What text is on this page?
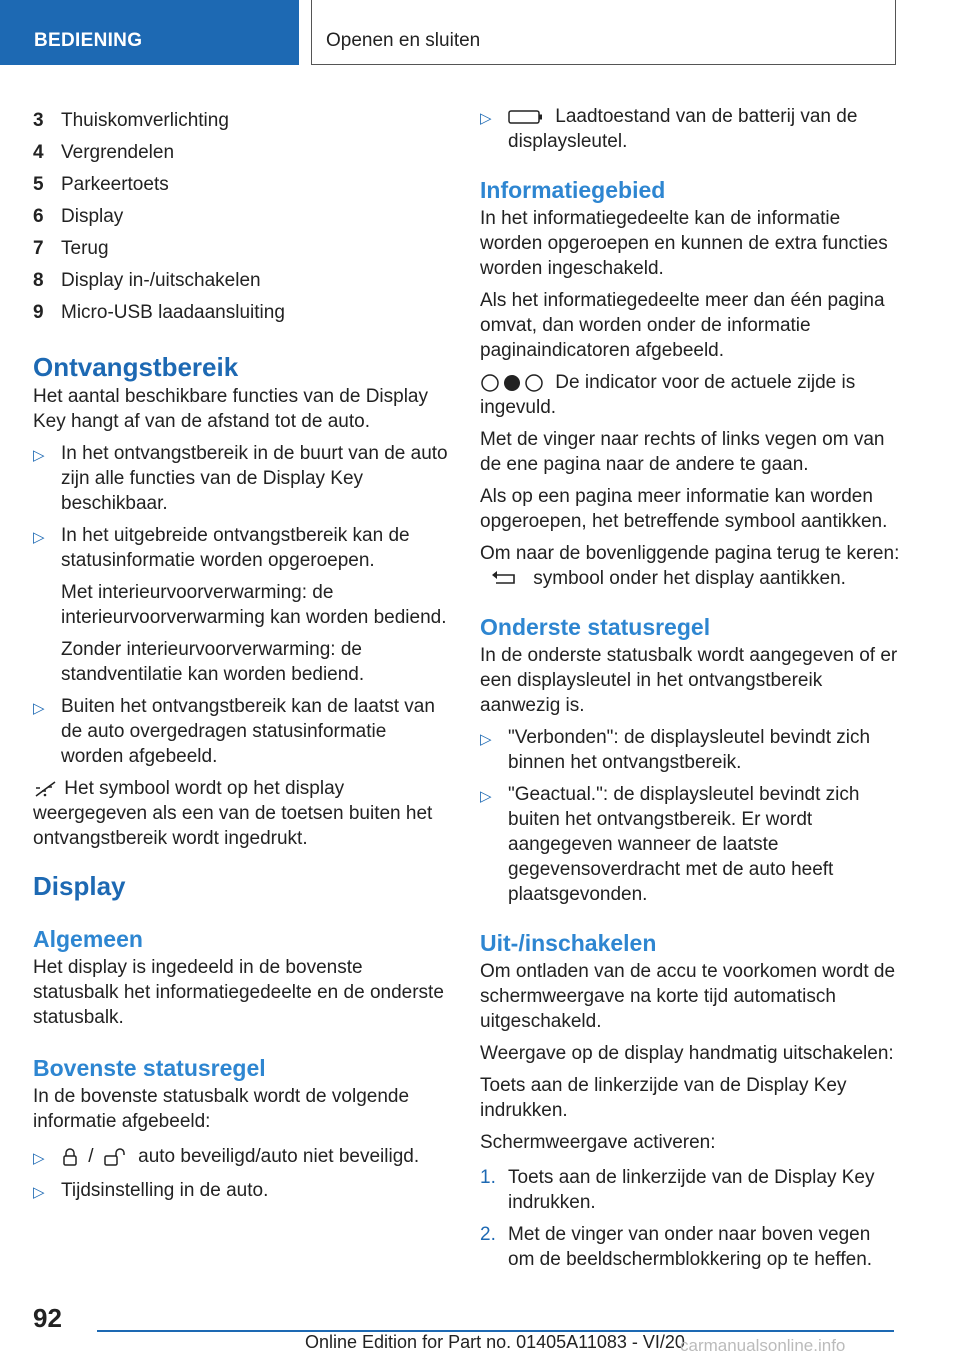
BEDIENING	Openen en sluiten
3 Thuiskomverlichting
4 Vergrendelen
5 Parkeertoets
6 Display
7 Terug
8 Display in-/uitschakelen
9 Micro-USB laadaansluiting
Ontvangstbereik

Het aantal beschikbare functies van de Display Key hangt af van de afstand tot de auto.

▷ In het ontvangstbereik in de buurt van de auto zijn alle functies van de Display Key beschikbaar.

▷ In het uitgebreide ontvangstbereik kan de statusinformatie worden opgeroepen.

Met interieurvoorverwarming: de interieurvoorverwarming kan worden bediend.

Zonder interieurvoorverwarming: de standventilatie kan worden bediend.

▷ Buiten het ontvangstbereik kan de laatst van de auto overgedragen statusinformatie worden afgebeeld.

Het symbool wordt op het display weergegeven als een van de toetsen buiten het ontvangstbereik wordt ingedrukt.

Display
Algemeen

Het display is ingedeeld in de bovenste statusbalk het informatiegedeelte en de onderste statusbalk.

Bovenste statusregel

In de bovenste statusbalk wordt de volgende informatie afgebeeld:

▷	/ auto beveiligd/auto niet beveiligd.
▷ Tijdsinstelling in de auto.

▷	Laadtoestand van de batterij van de displaysleutel.
Informatiegebied

In het informatiegedeelte kan de informatie worden opgeroepen en kunnen de extra functies worden ingeschakeld.

Als het informatiegedeelte meer dan één pagina omvat, dan worden onder de informatie paginaindicatoren afgebeeld.

De indicator voor de actuele zijde is ingevuld.

Met de vinger naar rechts of links vegen om van de ene pagina naar de andere te gaan.

Als op een pagina meer informatie kan worden opgeroepen, het betreffende symbool aantikken.

Om naar de bovenliggende pagina terug te keren:  symbool onder het display aantikken.

Onderste statusregel

In de onderste statusbalk wordt aangegeven of er een displaysleutel in het ontvangstbereik aanwezig is.

▷ "Verbonden": de displaysleutel bevindt zich binnen het ontvangstbereik.

▷ "Geactual.": de displaysleutel bevindt zich buiten het ontvangstbereik. Er wordt aangegeven wanneer de laatste gegevensoverdracht met de auto heeft plaatsgevonden.

Uit-/inschakelen

Om ontladen van de accu te voorkomen wordt de schermweergave na korte tijd automatisch uitgeschakeld.

Weergave op de display handmatig uitschakelen:

Toets aan de linkerzijde van de Display Key indrukken.

Schermweergave activeren:

1. Toets aan de linkerzijde van de Display Key indrukken.
2. Met de vinger van onder naar boven vegen om de beeldschermblokkering op te heffen.
92
Online Edition for Part no. 01405A11083 - VI/20
carmanualsonline.info
